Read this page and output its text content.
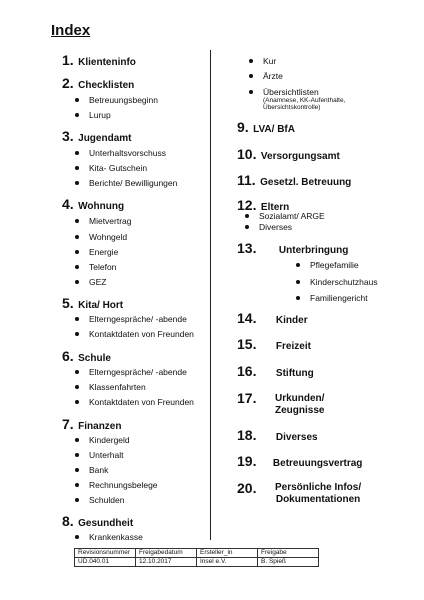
Index
1. Klienteninfo
2. Checklisten
Betreuungsbeginn
Lurup
3. Jugendamt
Unterhaltsvorschuss
Kita- Gutschein
Berichte/ Bewilligungen
4. Wohnung
Mietvertrag
Wohngeld
Energie
Telefon
GEZ
5. Kita/ Hort
Elterngespräche/ -abende
Kontaktdaten von Freunden
6. Schule
Elterngespräche/ -abende
Klassenfahrten
Kontaktdaten von Freunden
7. Finanzen
Kindergeld
Unterhalt
Bank
Rechnungsbelege
Schulden
8. Gesundheit
Krankenkasse
Kur
Ärzte
Übersichtlisten
(Anamnese, KK-Aufenthalte,
Übersichtskontrolle)
9. LVA/ BfA
10. Versorgungsamt
11. Gesetzl. Betreuung
12. Eltern
Sozialamt/ ARGE
Diverses
13. Unterbringung
Pflegefamilie
Kinderschutzhaus
Familiengericht
14. Kinder
15. Freizeit
16. Stiftung
17. Urkunden/
Zeugnisse
18. Diverses
19. Betreuungsvertrag
20. Persönliche Infos/
Dokumentationen
Revisionsnummer	Freigabedatum	Ersteller_in	Freigabe
UD.040.01	12.10.2017	Insel e.V.	B. Spieß
